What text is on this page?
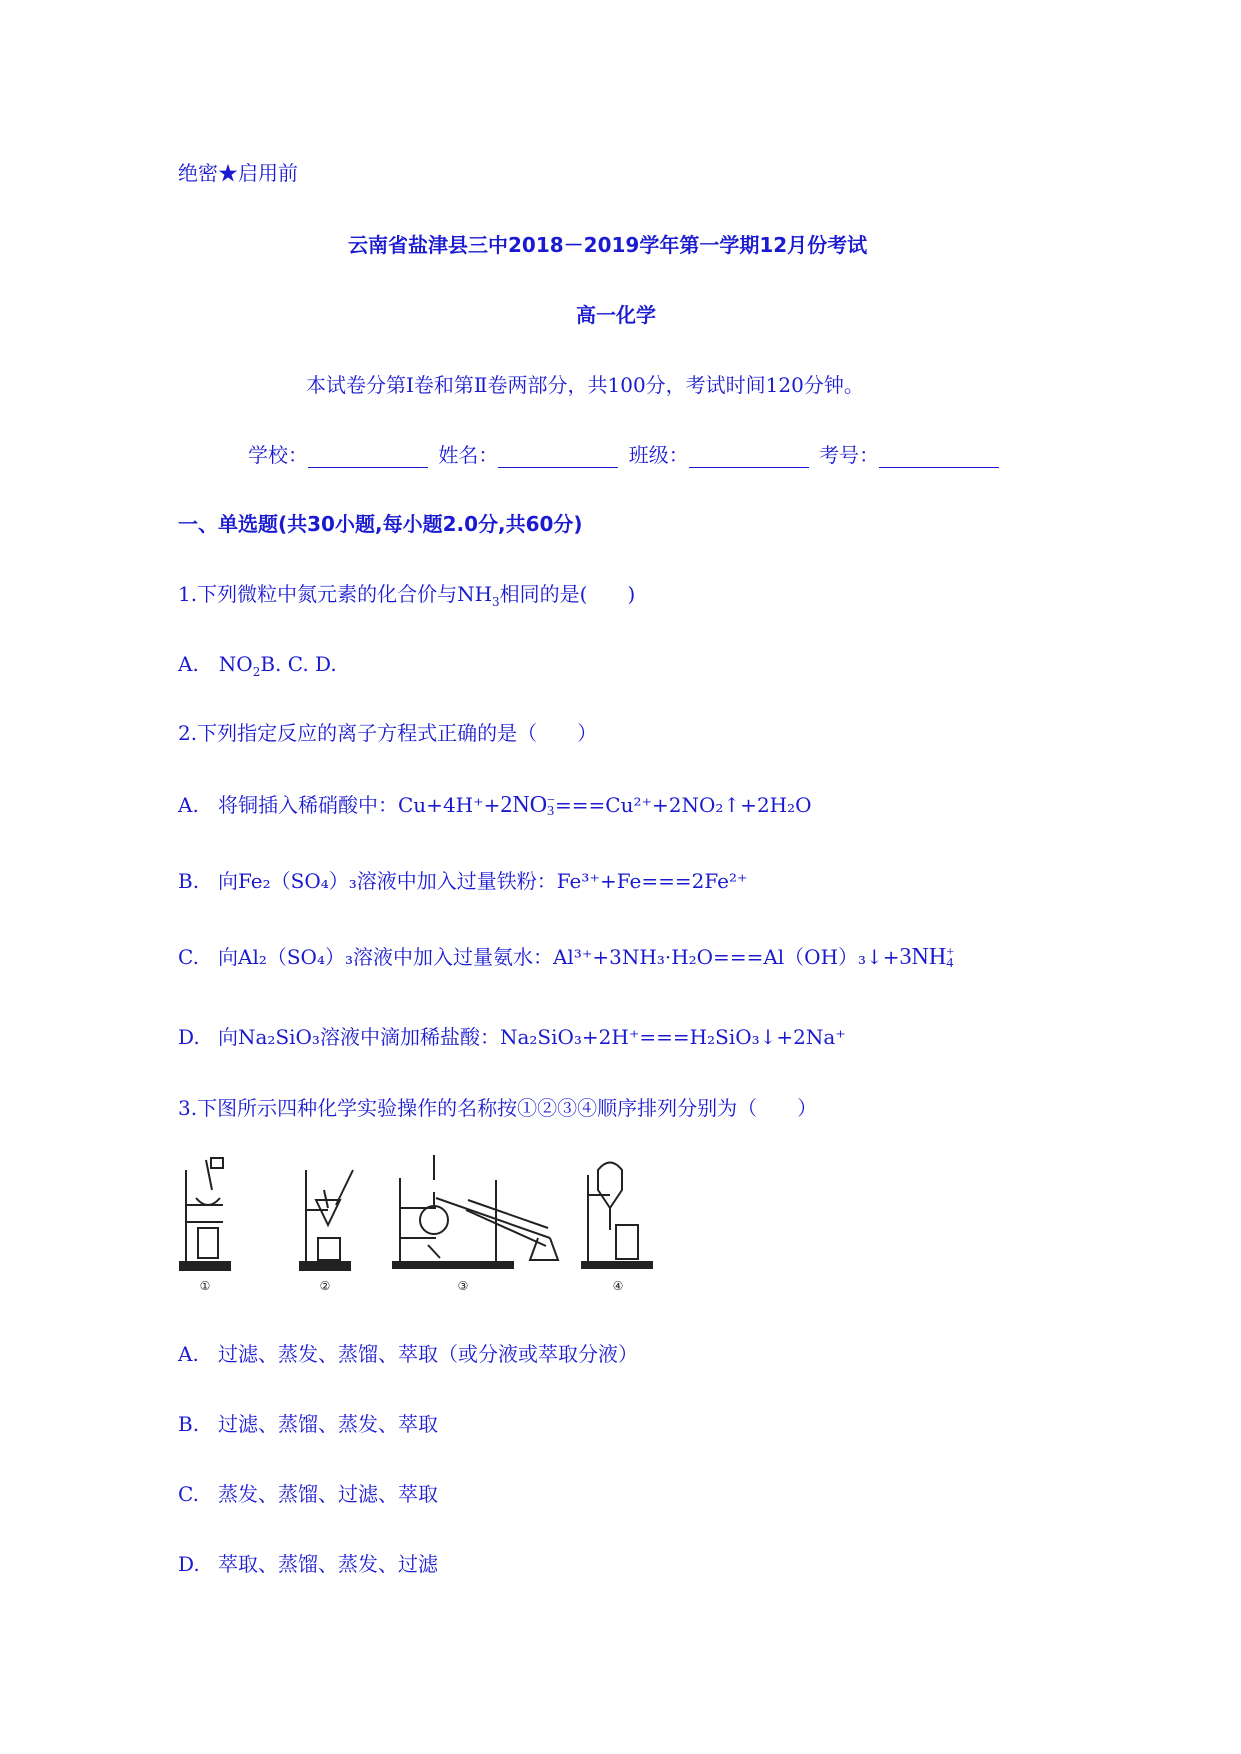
绝密★启用前
云南省盐津县三中2018－2019学年第一学期12月份考试
高一化学
本试卷分第Ⅰ卷和第Ⅱ卷两部分，共100分，考试时间120分钟。
学校：	姓名：	班级：	考号：
一、单选题(共30小题,每小题2.0分,共60分)
1.下列微粒中氮元素的化合价与$NH_3$相同的是(　　)
A.　$NO_2B$. C. D.
2.下列指定反应的离子方程式正确的是（　　）
A. 将铜插入稀硝酸中：Cu+4H⁺+2NO −
3 ===Cu²⁺+2NO₂↑+2H₂O
B. 向Fe₂（SO₄）₃溶液中加入过量铁粉：Fe³⁺+Fe===2Fe²⁺
C. 向Al₂（SO₄）₃溶液中加入过量氨水：Al³⁺+3NH₃·H₂O===Al（OH）₃↓+3NH +
4
D. 向Na₂SiO₃溶液中滴加稀盐酸：Na₂SiO₃+2H⁺===H₂SiO₃↓+2Na⁺
3.下图所示四种化学实验操作的名称按①②③④顺序排列分别为（　　）
①	②	③	④
A. 过滤、蒸发、蒸馏、萃取（或分液或萃取分液）
B. 过滤、蒸馏、蒸发、萃取
C. 蒸发、蒸馏、过滤、萃取
D. 萃取、蒸馏、蒸发、过滤
